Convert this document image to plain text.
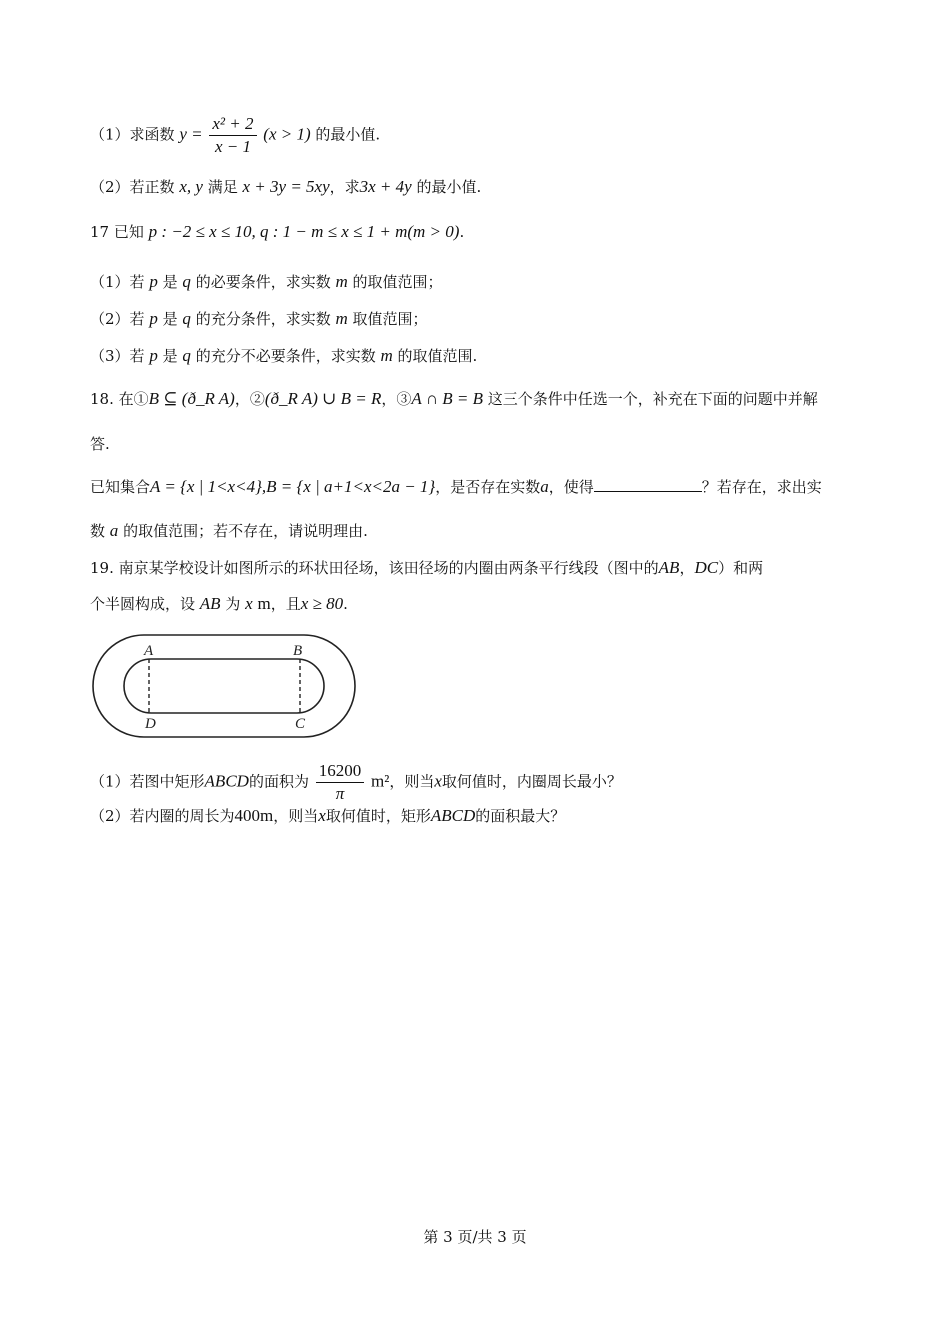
（1）求函数 $y = \frac{\text{x² + 2}}{x - 1} (x > 1)$ 的最小值.
（2）若正数 x, y 满足 x + 3y = 5xy，求3x + 4y 的最小值.
17 已知 p : −2 ≤ x ≤ 10, q : 1 − m ≤ x ≤ 1 + m(m > 0).
（1）若 p 是 q 的必要条件，求实数 m 的取值范围；
（2）若 p 是 q 的充分条件，求实数 m 取值范围；
（3）若 p 是 q 的充分不必要条件，求实数 m 的取值范围.
18. 在①B ⊆ (ð_R A)，②(ð_R A) ∪ B = R，③A ∩ B = B 这三个条件中任选一个，补充在下面的问题中并解
答.
已知集合A = {x | 1<x<4},B = {x | a+1<x<2a − 1}，是否存在实数a，使得	？若存在，求出实
数 a 的取值范围；若不存在，请说明理由.
19. 南京某学校设计如图所示的环状田径场，该田径场的内圈由两条平行线段（图中的AB，DC）和两
个半圆构成，设 AB 为 x m，且x ≥ 80.
A	B
C
D
（1）若图中矩形ABCD的面积为 $\frac{16200}{\pi} m^2$，则当x取何值时，内圈周长最小？
（2）若内圈的周长为400m，则当x取何值时，矩形ABCD的面积最大？
第 3 页/共 3 页
